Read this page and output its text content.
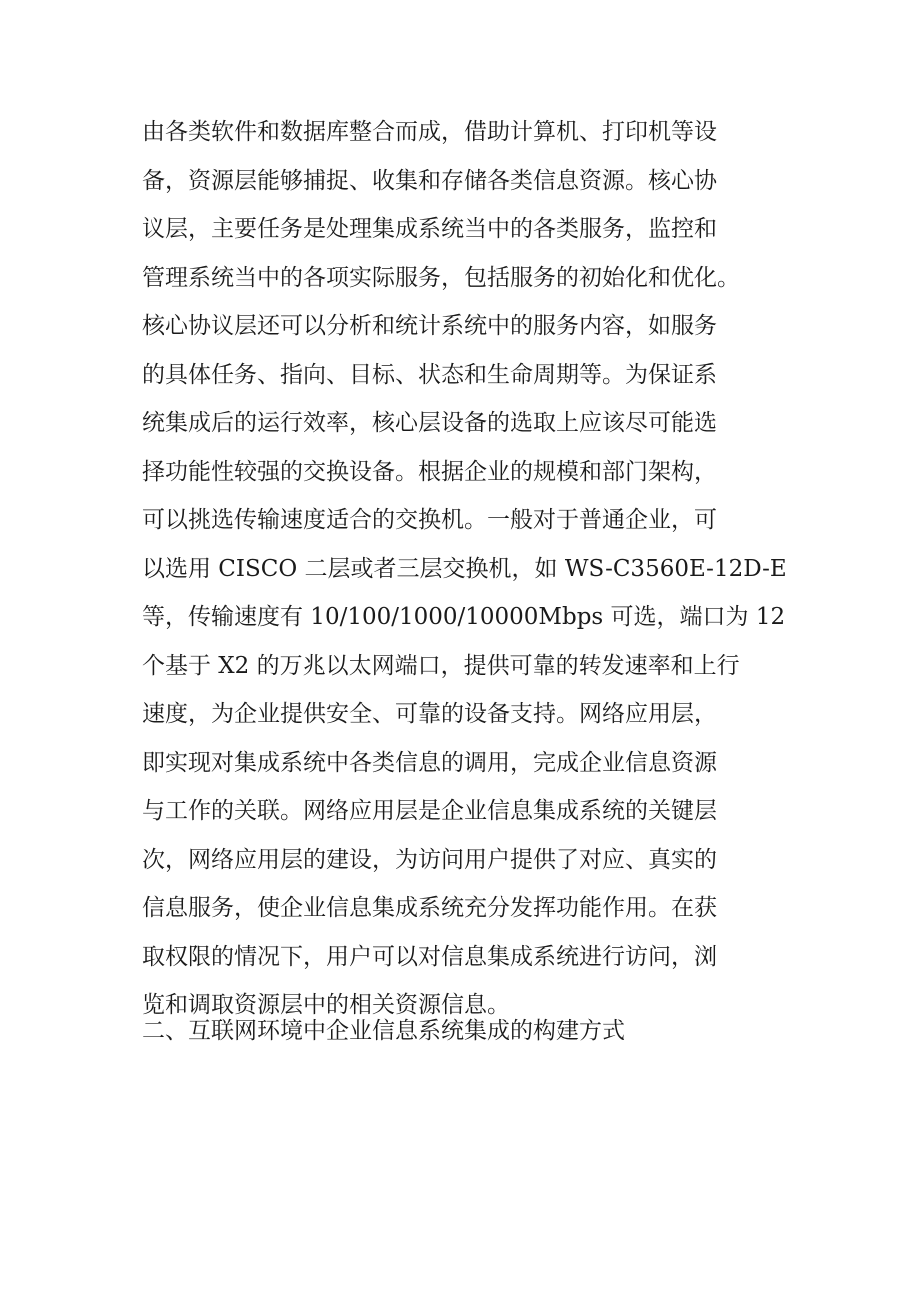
由各类软件和数据库整合而成，借助计算机、打印机等设
备，资源层能够捕捉、收集和存储各类信息资源。核心协
议层，主要任务是处理集成系统当中的各类服务，监控和
管理系统当中的各项实际服务，包括服务的初始化和优化。
核心协议层还可以分析和统计系统中的服务内容，如服务
的具体任务、指向、目标、状态和生命周期等。为保证系
统集成后的运行效率，核心层设备的选取上应该尽可能选
择功能性较强的交换设备。根据企业的规模和部门架构，
可以挑选传输速度适合的交换机。一般对于普通企业，可
以选用 CISCO 二层或者三层交换机，如 WS-C3560E-12D-E
等，传输速度有 10/100/1000/10000Mbps 可选，端口为 12
个基于 X2 的万兆以太网端口，提供可靠的转发速率和上行
速度，为企业提供安全、可靠的设备支持。网络应用层，
即实现对集成系统中各类信息的调用，完成企业信息资源
与工作的关联。网络应用层是企业信息集成系统的关键层
次，网络应用层的建设，为访问用户提供了对应、真实的
信息服务，使企业信息集成系统充分发挥功能作用。在获
取权限的情况下，用户可以对信息集成系统进行访问，浏
览和调取资源层中的相关资源信息。
二、互联网环境中企业信息系统集成的构建方式
